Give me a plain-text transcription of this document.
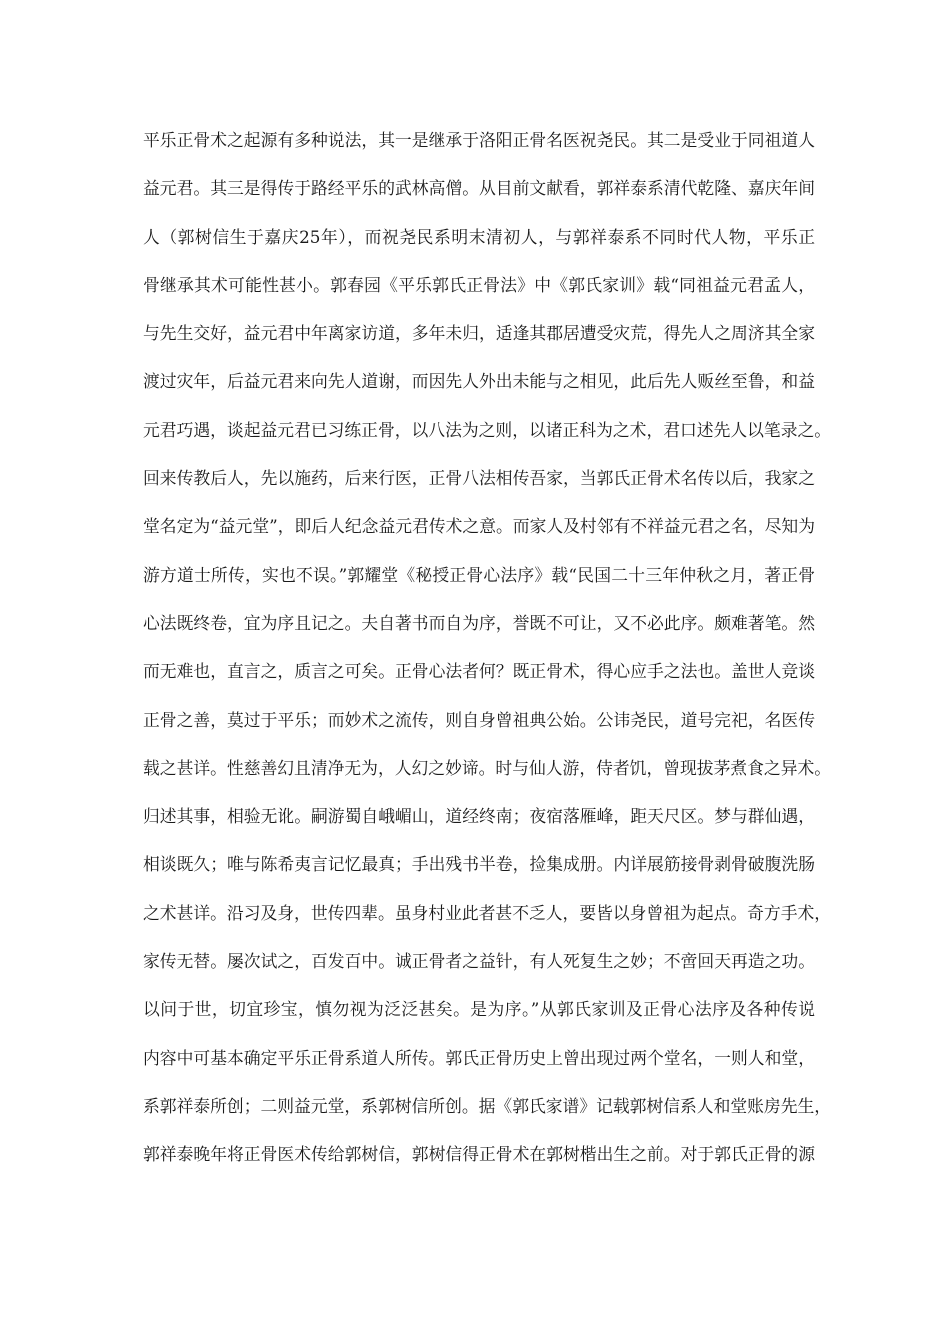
平乐正骨术之起源有多种说法，其一是继承于洛阳正骨名医祝尧民。其二是受业于同祖道人
益元君。其三是得传于路经平乐的武林高僧。从目前文献看，郭祥泰系清代乾隆、嘉庆年间
人（郭树信生于嘉庆25年），而祝尧民系明末清初人，与郭祥泰系不同时代人物，平乐正
骨继承其术可能性甚小。郭春园《平乐郭氏正骨法》中《郭氏家训》载“同祖益元君孟人，
与先生交好，益元君中年离家访道，多年未归，适逢其郡居遭受灾荒，得先人之周济其全家
渡过灾年，后益元君来向先人道谢，而因先人外出未能与之相见，此后先人贩丝至鲁，和益
元君巧遇，谈起益元君已习练正骨，以八法为之则，以诸正科为之术，君口述先人以笔录之。
回来传教后人，先以施药，后来行医，正骨八法相传吾家，当郭氏正骨术名传以后，我家之
堂名定为“益元堂”，即后人纪念益元君传术之意。而家人及村邻有不祥益元君之名，尽知为
游方道士所传，实也不误。”郭耀堂《秘授正骨心法序》载“民国二十三年仲秋之月，著正骨
心法既终卷，宜为序且记之。夫自著书而自为序，誉既不可让，又不必此序。颇难著笔。然
而无难也，直言之，质言之可矣。正骨心法者何？既正骨术，得心应手之法也。盖世人竞谈
正骨之善，莫过于平乐；而妙术之流传，则自身曾祖典公始。公讳尧民，道号完祀，名医传
载之甚详。性慈善幻且清净无为，人幻之妙谛。时与仙人游，侍者饥，曾现拔茅煮食之异术。
归述其事，相验无讹。嗣游蜀自峨嵋山，道经终南；夜宿落雁峰，距天尺区。梦与群仙遇，
相谈既久；唯与陈希夷言记忆最真；手出残书半卷，捡集成册。内详展筋接骨剥骨破腹洗肠
之术甚详。沿习及身，世传四辈。虽身村业此者甚不乏人，要皆以身曾祖为起点。奇方手术，
家传无替。屡次试之，百发百中。诚正骨者之益针，有人死复生之妙；不啻回天再造之功。
以问于世，切宜珍宝，慎勿视为泛泛甚矣。是为序。”从郭氏家训及正骨心法序及各种传说
内容中可基本确定平乐正骨系道人所传。郭氏正骨历史上曾出现过两个堂名，一则人和堂，
系郭祥泰所创；二则益元堂，系郭树信所创。据《郭氏家谱》记载郭树信系人和堂账房先生，
郭祥泰晚年将正骨医术传给郭树信，郭树信得正骨术在郭树楷出生之前。对于郭氏正骨的源
